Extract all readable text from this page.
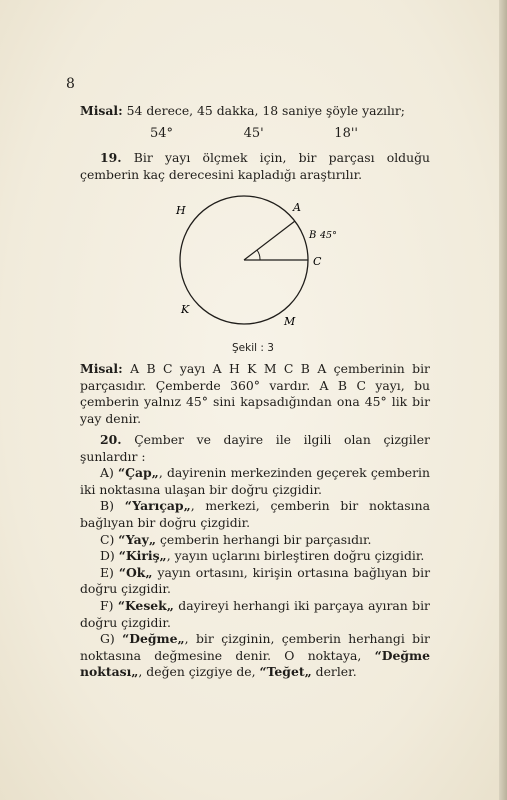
8
Misal: 54 derece, 45 dakka, 18 saniye şöyle yazılır;
54°	45'	18''
19. Bir yayı ölçmek için, bir parçası olduğu çemberin kaç derecesini kapladığı araştırılır.
H	A
B 45°
C
K
M
Şekil : 3
Misal: A B C yayı A H K M C B A çemberinin bir parçasıdır. Çemberde 360° vardır. A B C yayı, bu çemberin yalnız 45° sini kapsadığından ona 45° lik bir yay denir.

20. Çember ve dayire ile ilgili olan çizgiler şunlardır :

A) “Çap„, dayirenin merkezinden geçerek çemberin iki noktasına ulaşan bir doğru çizgidir.

B) “Yarıçap„, merkezi, çemberin bir noktasına bağlıyan bir doğru çizgidir.

C) “Yay„ çemberin herhangi bir parçasıdır.

D) “Kiriş„, yayın uçlarını birleştiren doğru çizgidir.

E) “Ok„ yayın ortasını, kirişin ortasına bağlıyan bir doğru çizgidir.

F) “Kesek„ dayireyi herhangi iki parçaya ayıran bir doğru çizgidir.

G) “Değme„, bir çizginin, çemberin herhangi bir noktasına değmesine denir. O noktaya, “Değme noktası„, değen çizgiye de, “Teğet„ derler.
